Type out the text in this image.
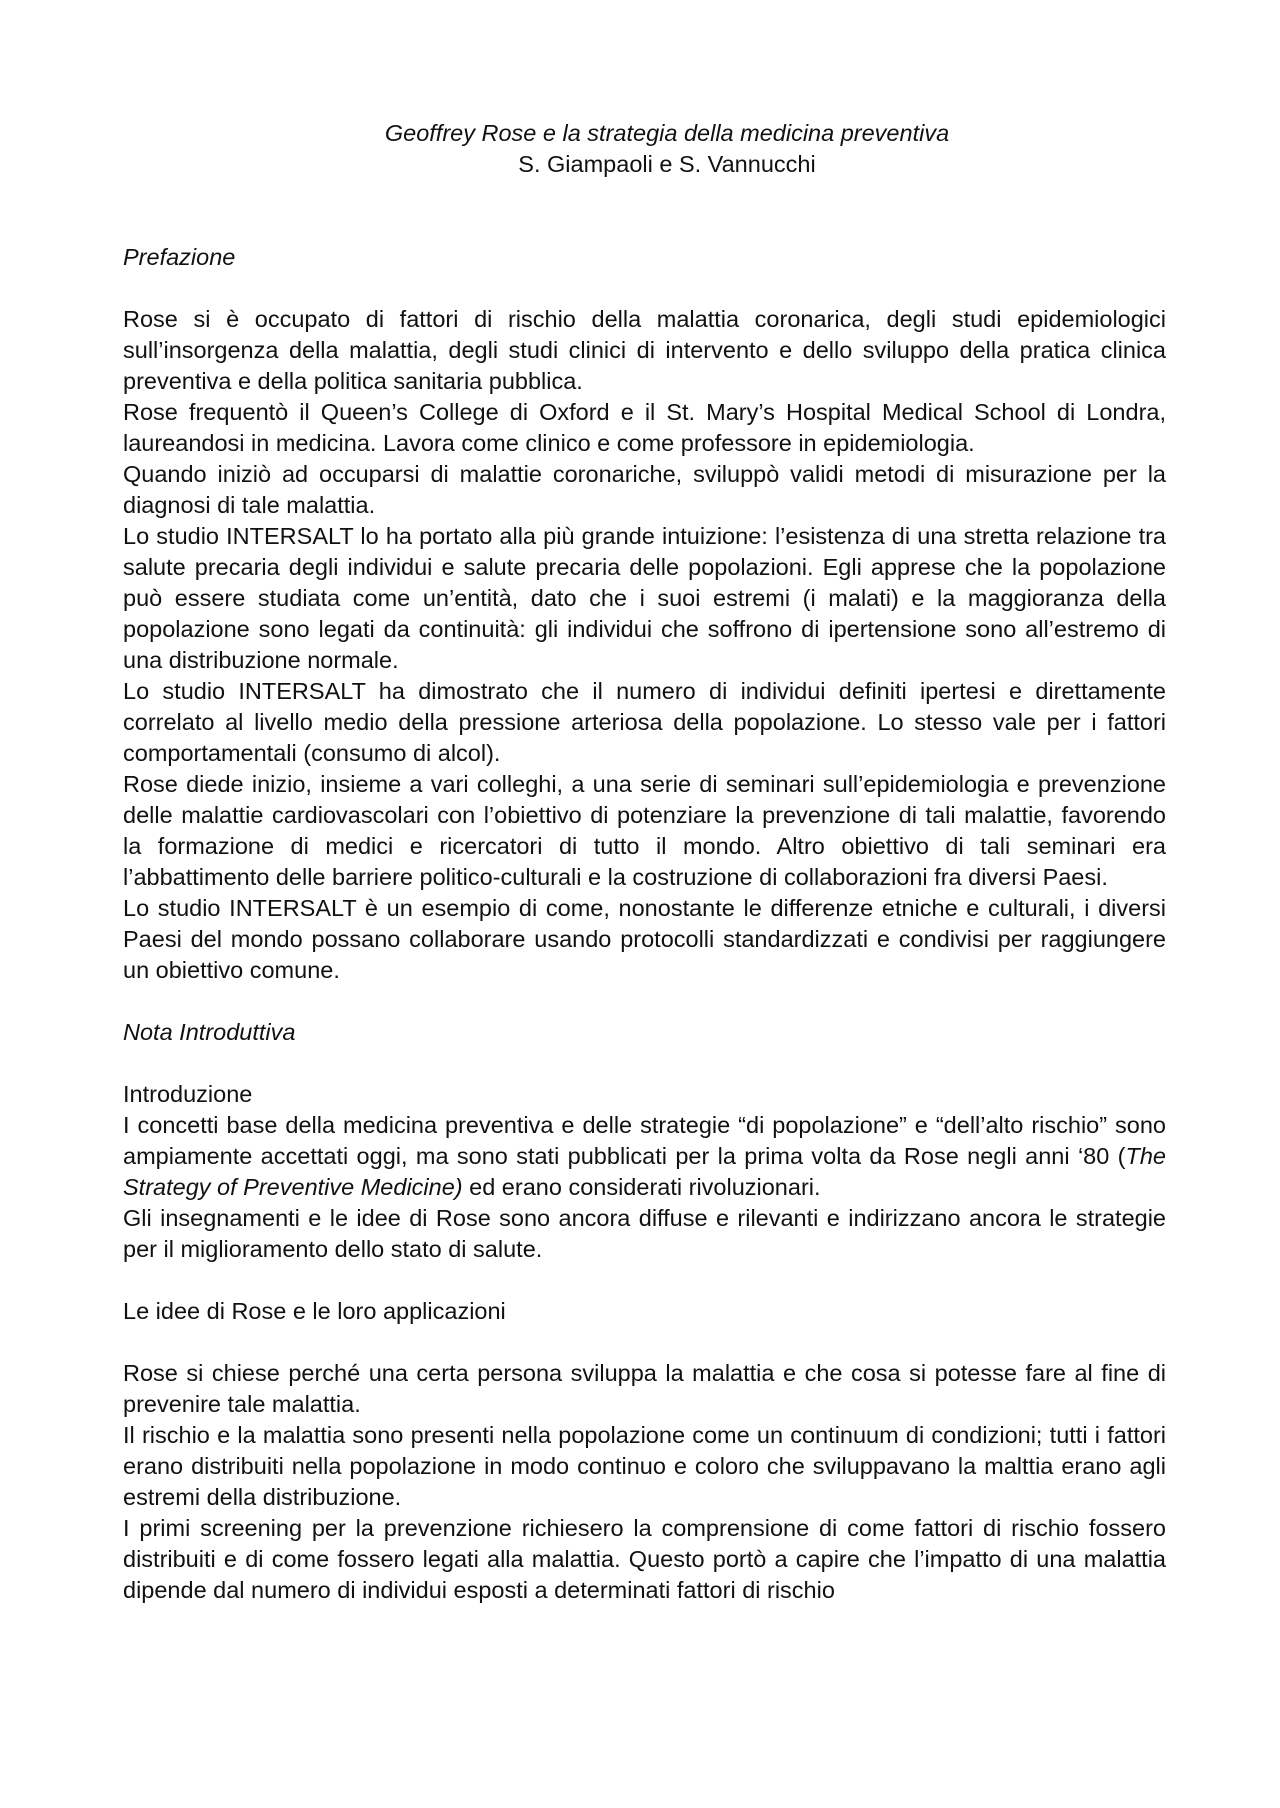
Geoffrey Rose e la strategia della medicina preventiva
S. Giampaoli e S. Vannucchi
Prefazione

Rose si è occupato di fattori di rischio della malattia coronarica, degli studi epidemiologici sull’insorgenza della malattia, degli studi clinici di intervento e dello sviluppo della pratica clinica preventiva e della politica sanitaria pubblica.

Rose frequentò il Queen’s College di Oxford e il St. Mary’s Hospital Medical School di Londra, laureandosi in medicina. Lavora come clinico e come professore in epidemiologia.

Quando iniziò ad occuparsi di malattie coronariche, sviluppò validi metodi di misurazione per la diagnosi di tale malattia.

Lo studio INTERSALT lo ha portato alla più grande intuizione: l’esistenza di una stretta relazione tra salute precaria degli individui e salute precaria delle popolazioni. Egli apprese che la popolazione può essere studiata come un’entità, dato che i suoi estremi (i malati) e la maggioranza della popolazione sono legati da continuità: gli individui che soffrono di ipertensione sono all’estremo di una distribuzione normale.

Lo studio INTERSALT ha dimostrato che il numero di individui definiti ipertesi e direttamente correlato al livello medio della pressione arteriosa della popolazione. Lo stesso vale per i fattori comportamentali (consumo di alcol).

Rose diede inizio, insieme a vari colleghi, a una serie di seminari sull’epidemiologia e prevenzione delle malattie cardiovascolari con l’obiettivo di potenziare la prevenzione di tali malattie, favorendo la formazione di medici e ricercatori di tutto il mondo. Altro obiettivo di tali seminari era l’abbattimento delle barriere politico-culturali e la costruzione di collaborazioni fra diversi Paesi.

Lo studio INTERSALT è un esempio di come, nonostante le differenze etniche e culturali, i diversi Paesi del mondo possano collaborare usando protocolli standardizzati e condivisi per raggiungere un obiettivo comune.

Nota Introduttiva
Introduzione

I concetti base della medicina preventiva e delle strategie “di popolazione” e “dell’alto rischio” sono ampiamente accettati oggi, ma sono stati pubblicati per la prima volta da Rose negli anni ‘80 (The Strategy of Preventive Medicine) ed erano considerati rivoluzionari.

Gli insegnamenti e le idee di Rose sono ancora diffuse e rilevanti e indirizzano ancora le strategie per il miglioramento dello stato di salute.

Le idee di Rose e le loro applicazioni

Rose si chiese perché una certa persona sviluppa la malattia e che cosa si potesse fare al fine di prevenire tale malattia.

Il rischio e la malattia sono presenti nella popolazione come un continuum di condizioni; tutti i fattori erano distribuiti nella popolazione in modo continuo e coloro che sviluppavano la malttia erano agli estremi della distribuzione.

I primi screening per la prevenzione richiesero la comprensione di come fattori di rischio fossero distribuiti e di come fossero legati alla malattia. Questo portò a capire che l’impatto di una malattia dipende dal numero di individui esposti a determinati fattori di rischio
